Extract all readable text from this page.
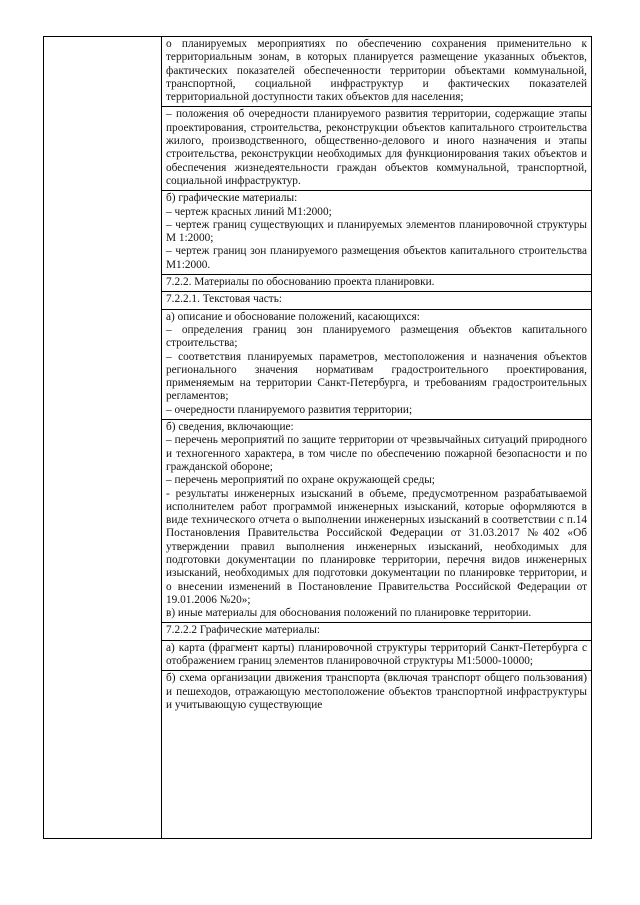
о планируемых мероприятиях по обеспечению сохранения применительно к территориальным зонам, в которых планируется размещение указанных объектов, фактических показателей обеспеченности территории объектами коммунальной, транспортной, социальной инфраструктур и фактических показателей территориальной доступности таких объектов для населения;
– положения об очередности планируемого развития территории, содержащие этапы проектирования, строительства, реконструкции объектов капитального строительства жилого, производственного, общественно-делового и иного назначения и этапы строительства, реконструкции необходимых для функционирования таких объектов и обеспечения жизнедеятельности граждан объектов коммунальной, транспортной, социальной инфраструктур.
б) графические материалы:
– чертеж красных линий М1:2000;
– чертеж границ существующих и планируемых элементов планировочной структуры М 1:2000;
– чертеж границ зон планируемого размещения объектов капитального строительства М1:2000.
7.2.2. Материалы по обоснованию проекта планировки.
7.2.2.1. Текстовая часть:
а) описание и обоснование положений, касающихся:
– определения границ зон планируемого размещения объектов капитального строительства;
– соответствия планируемых параметров, местоположения и назначения объектов регионального значения нормативам градостроительного проектирования, применяемым на территории Санкт-Петербурга, и требованиям градостроительных регламентов;
– очередности планируемого развития территории;
б) сведения, включающие:
– перечень мероприятий по защите территории от чрезвычайных ситуаций природного и техногенного характера, в том числе по обеспечению пожарной безопасности и по гражданской обороне;
– перечень мероприятий по охране окружающей среды;
- результаты инженерных изысканий в объеме, предусмотренном разрабатываемой исполнителем работ программой инженерных изысканий, которые оформляются в виде технического отчета о выполнении инженерных изысканий в соответствии с п.14 Постановления Правительства Российской Федерации от 31.03.2017 №402 «Об утверждении правил выполнения инженерных изысканий, необходимых для подготовки документации по планировке территории, перечня видов инженерных изысканий, необходимых для подготовки документации по планировке территории, и о внесении изменений в Постановление Правительства Российской Федерации от 19.01.2006 №20»;
в) иные материалы для обоснования положений по планировке территории.
7.2.2.2 Графические материалы:
а) карта (фрагмент карты) планировочной структуры территорий Санкт-Петербурга с отображением границ элементов планировочной структуры М1:5000-10000;
б) схема организации движения транспорта (включая транспорт общего пользования) и пешеходов, отражающую местоположение объектов транспортной инфраструктуры и учитывающую существующие
